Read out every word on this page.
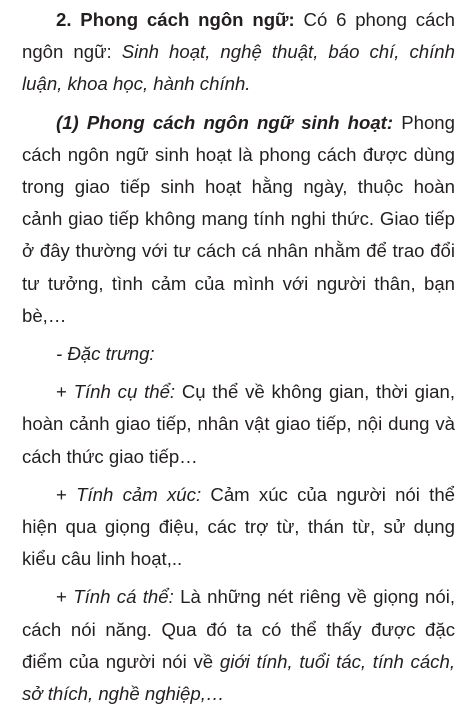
2. Phong cách ngôn ngữ: Có 6 phong cách ngôn ngữ: Sinh hoạt, nghệ thuật, báo chí, chính luận, khoa học, hành chính.

(1) Phong cách ngôn ngữ sinh hoạt: Phong cách ngôn ngữ sinh hoạt là phong cách được dùng trong giao tiếp sinh hoạt hằng ngày, thuộc hoàn cảnh giao tiếp không mang tính nghi thức. Giao tiếp ở đây thường với tư cách cá nhân nhằm để trao đổi tư tưởng, tình cảm của mình với người thân, bạn bè,…

- Đặc trưng:

+ Tính cụ thể: Cụ thể về không gian, thời gian, hoàn cảnh giao tiếp, nhân vật giao tiếp, nội dung và cách thức giao tiếp…

+ Tính cảm xúc: Cảm xúc của người nói thể hiện qua giọng điệu, các trợ từ, thán từ, sử dụng kiểu câu linh hoạt,..

+ Tính cá thể: Là những nét riêng về giọng nói, cách nói năng. Qua đó ta có thể thấy được đặc điểm của người nói về giới tính, tuổi tác, tính cách, sở thích, nghề nghiệp,…
